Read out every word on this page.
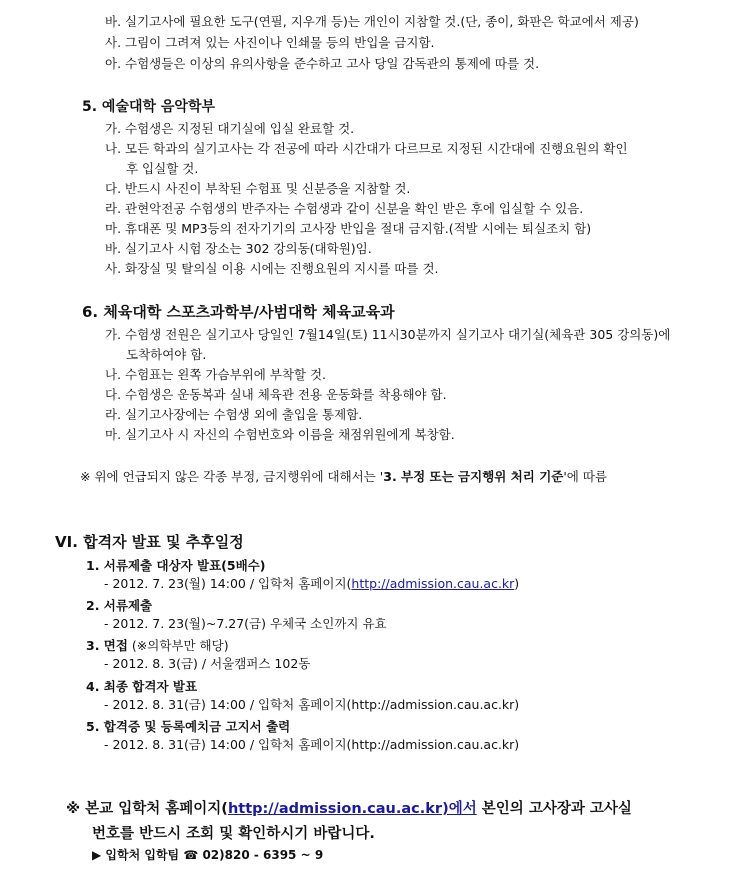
바. 실기고사에 필요한 도구(연필, 지우개 등)는 개인이 지참할 것.(단, 종이, 화판은 학교에서 제공)
사. 그림이 그려져 있는 사진이나 인쇄물 등의 반입을 금지함.
아. 수험생들은 이상의 유의사항을 준수하고 고사 당일 감독관의 통제에 따를 것.
5. 예술대학 음악학부
가. 수험생은 지정된 대기실에 입실 완료할 것.
나. 모든 학과의 실기고사는 각 전공에 따라 시간대가 다르므로 지정된 시간대에 진행요원의 확인
후 입실할 것.
다. 반드시 사진이 부착된 수험표 및 신분증을 지참할 것.
라. 관현악전공 수험생의 반주자는 수험생과 같이 신분을 확인 받은 후에 입실할 수 있음.
마. 휴대폰 및 MP3등의 전자기기의 고사장 반입을 절대 금지함.(적발 시에는 퇴실조치 함)
바. 실기고사 시험 장소는 302 강의동(대학원)임.
사. 화장실 및 탈의실 이용 시에는 진행요원의 지시를 따를 것.
6. 체육대학 스포츠과학부/사범대학 체육교육과
가. 수험생 전원은 실기고사 당일인 7월14일(토) 11시30분까지 실기고사 대기실(체육관 305 강의동)에
도착하여야 함.
나. 수험표는 왼쪽 가슴부위에 부착할 것.
다. 수험생은 운동복과 실내 체육관 전용 운동화를 착용해야 함.
라. 실기고사장에는 수험생 외에 출입을 통제함.
마. 실기고사 시 자신의 수험번호와 이름을 채점위원에게 복창함.
※ 위에 언급되지 않은 각종 부정, 금지행위에 대해서는 '3. 부정 또는 금지행위 처리 기준'에 따름
VI. 합격자 발표 및 추후일정
1. 서류제출 대상자 발표(5배수)
- 2012. 7. 23(월) 14:00 / 입학처 홈페이지(http://admission.cau.ac.kr)
2. 서류제출
- 2012. 7. 23(월)~7.27(금) 우체국 소인까지 유효
3. 면접 (※의학부만 해당)
- 2012. 8. 3(금) / 서울캠퍼스 102동
4. 최종 합격자 발표
- 2012. 8. 31(금) 14:00 / 입학처 홈페이지(http://admission.cau.ac.kr)
5. 합격증 및 등록예치금 고지서 출력
- 2012. 8. 31(금) 14:00 / 입학처 홈페이지(http://admission.cau.ac.kr)
※ 본교 입학처 홈페이지(http://admission.cau.ac.kr)에서 본인의 고사장과 고사실
번호를 반드시 조회 및 확인하시기 바랍니다.
▶ 입학처 입학팀 ☎ 02)820 - 6395 ~ 9
